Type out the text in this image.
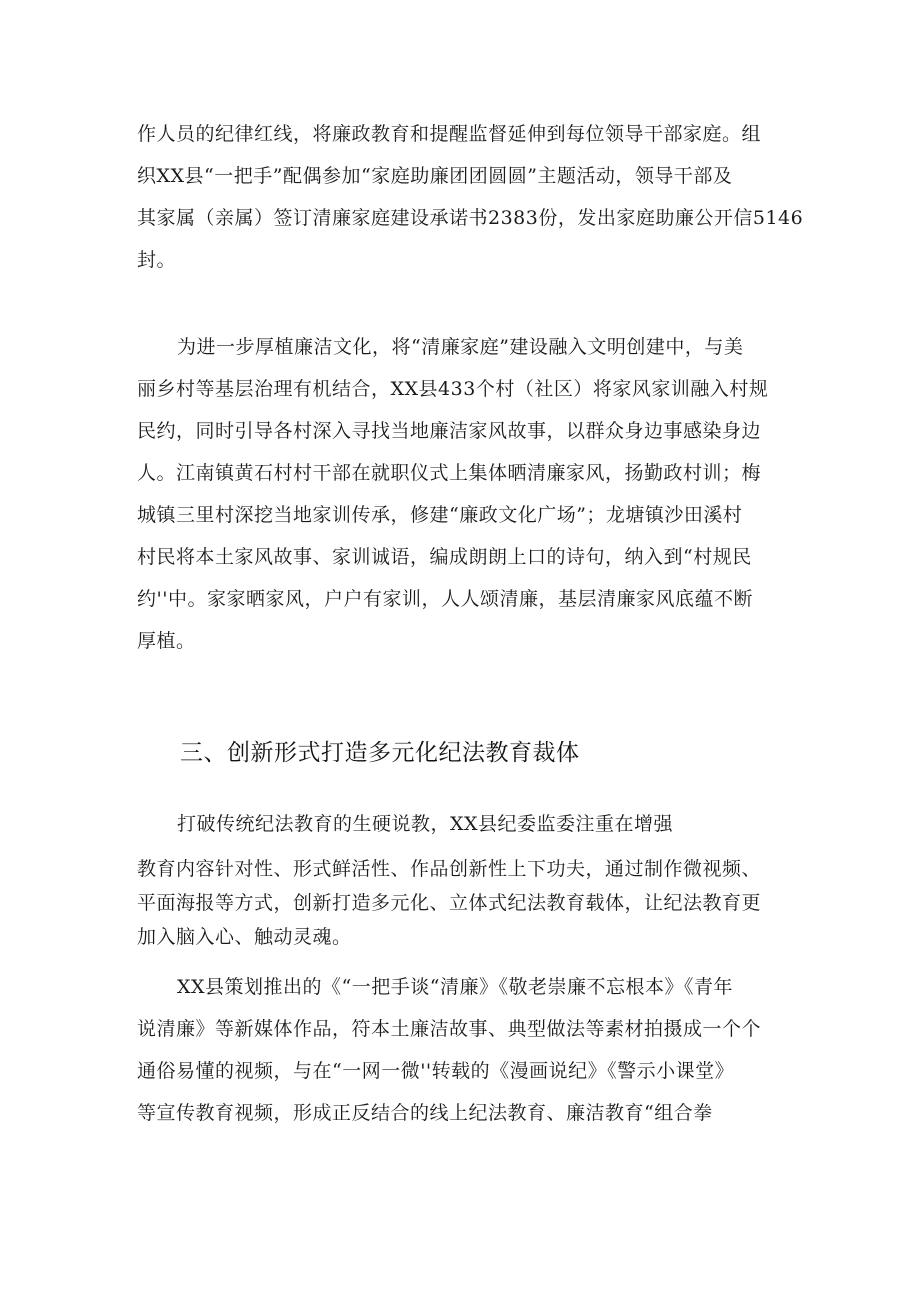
作人员的纪律红线，将廉政教育和提醒监督延伸到每位领导干部家庭。组
织XX县“一把手”配偶参加“家庭助廉团团圆圆”主题活动，领导干部及
其家属（亲属）签订清廉家庭建设承诺书2383份，发出家庭助廉公开信5146
封。

为进一步厚植廉洁文化，将“清廉家庭”建设融入文明创建中，与美
丽乡村等基层治理有机结合，XX县433个村（社区）将家风家训融入村规
民约，同时引导各村深入寻找当地廉洁家风故事，以群众身边事感染身边
人。江南镇黄石村村干部在就职仪式上集体晒清廉家风，扬勤政村训；梅
城镇三里村深挖当地家训传承，修建“廉政文化广场”；龙塘镇沙田溪村
村民将本土家风故事、家训诚语，编成朗朗上口的诗句，纳入到“村规民
约''中。家家晒家风，户户有家训，人人颂清廉，基层清廉家风底蕴不断
厚植。

三、创新形式打造多元化纪法教育裁体

打破传统纪法教育的生硬说教，XX县纪委监委注重在增强

教育内容针对性、形式鲜活性、作品创新性上下功夫，通过制作微视频、
平面海报等方式，创新打造多元化、立体式纪法教育载体，让纪法教育更
加入脑入心、触动灵魂。

XX县策划推出的《“一把手谈“清廉》《敬老崇廉不忘根本》《青年
说清廉》等新媒体作品，符本土廉洁故事、典型做法等素材拍摄成一个个
通俗易懂的视频，与在“一网一微''转载的《漫画说纪》《警示小课堂》
等宣传教育视频，形成正反结合的线上纪法教育、廉洁教育“组合拳
